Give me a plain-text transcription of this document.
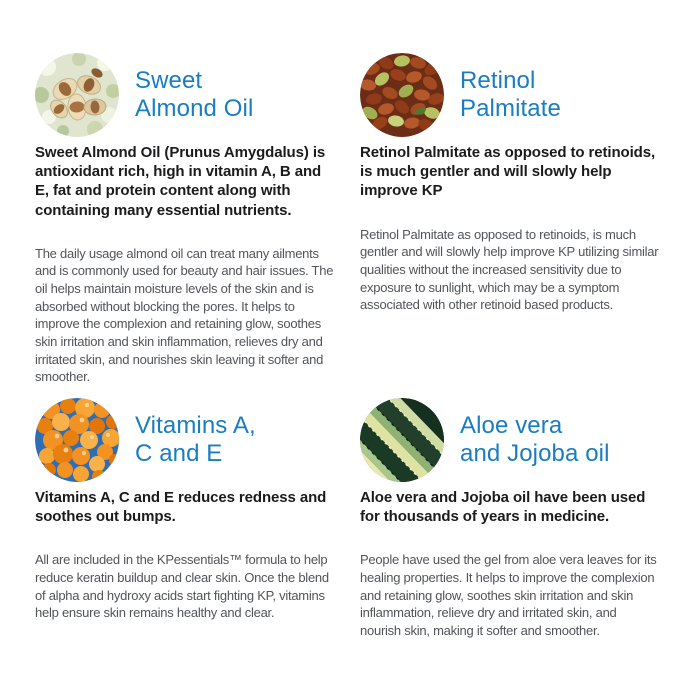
Sweet
Almond Oil

Sweet Almond Oil (Prunus Amygdalus) is antioxidant rich, high in vitamin A, B and E, fat and protein content along with containing many essential nutrients.

The daily usage almond oil can treat many ailments and is commonly used for beauty and hair issues. The oil helps maintain moisture levels of the skin and is absorbed without blocking the pores. It helps to improve the complexion and retaining glow, soothes skin irritation and skin inflammation, relieves dry and irritated skin, and nourishes skin leaving it softer and smoother.

Retinol
Palmitate

Retinol Palmitate as opposed to retinoids, is much gentler and will slowly help improve KP

Retinol Palmitate as opposed to retinoids, is much gentler and will slowly help improve KP utilizing similar qualities without the increased sensitivity due to exposure to sunlight, which may be a symptom associated with other retinoid based products.

Vitamins A,
C and E

Vitamins A, C and E reduces redness and soothes out bumps.

All are included in the KPessentials™ formula to help reduce keratin buildup and clear skin. Once the blend of alpha and hydroxy acids start fighting KP, vitamins help ensure skin remains healthy and clear.

Aloe vera
and Jojoba oil

Aloe vera and Jojoba oil have been used for thousands of years in medicine.

People have used the gel from aloe vera leaves for its healing properties. It helps to improve the complexion and retaining glow, soothes skin irritation and skin inflammation, relieve dry and irritated skin, and nourish skin, making it softer and smoother.
